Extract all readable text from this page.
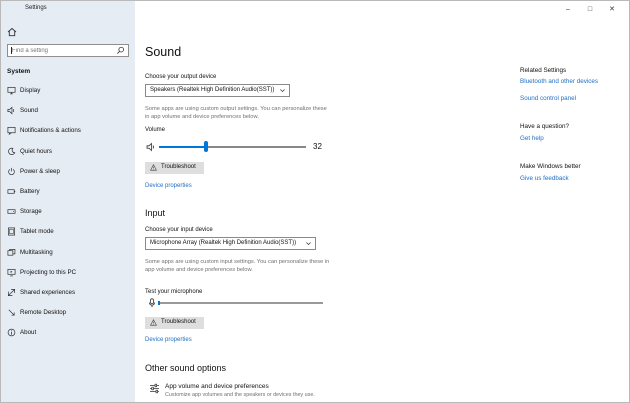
Settings
Find a setting
System
Display
Sound
Notifications & actions
Quiet hours
Power & sleep
Battery
Storage
Tablet mode
Multitasking
Projecting to this PC
Shared experiences
Remote Desktop
About
–	□	✕
Sound
Choose your output device
Speakers (Realtek High Definition Audio(SST))
Some apps are using custom output settings. You can personalize these in app volume and device preferences below.
Volume
32
Troubleshoot
Device properties
Input
Choose your input device
Microphone Array (Realtek High Definition Audio(SST))
Some apps are using custom input settings. You can personalize these in app volume and device preferences below.
Test your microphone
Troubleshoot
Device properties
Other sound options
App volume and device preferences
Customize app volumes and the speakers or devices they use.
Related Settings
Bluetooth and other devices
Sound control panel
Have a question?
Get help
Make Windows better
Give us feedback
